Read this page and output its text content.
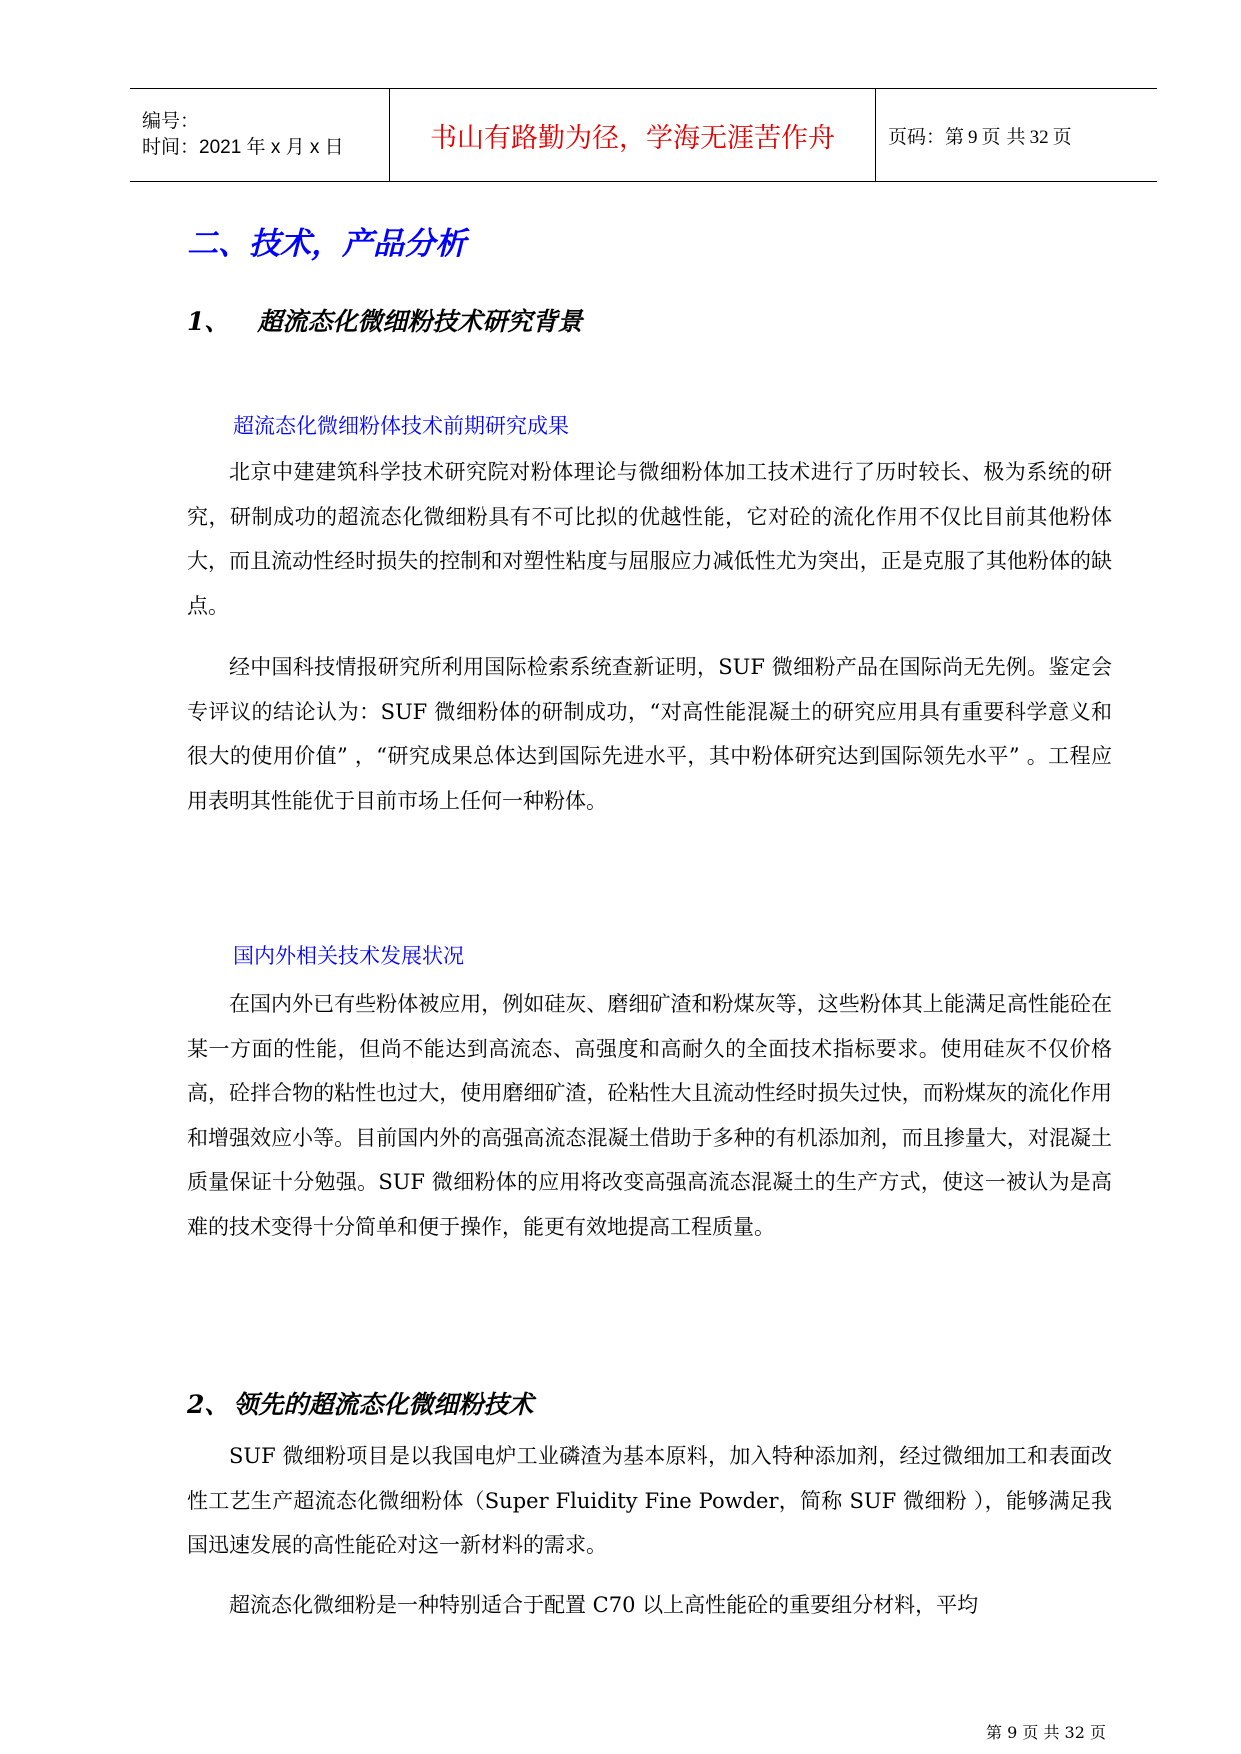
编号：
时间：2021 年 x 月 x 日	书山有路勤为径，学海无涯苦作舟	页码：第 9 页 共 32 页
二、技术，产品分析
1、 超流态化微细粉技术研究背景
超流态化微细粉体技术前期研究成果

北京中建建筑科学技术研究院对粉体理论与微细粉体加工技术进行了历时较长、极为系统的研究，研制成功的超流态化微细粉具有不可比拟的优越性能，它对砼的流化作用不仅比目前其他粉体大，而且流动性经时损失的控制和对塑性粘度与屈服应力减低性尤为突出，正是克服了其他粉体的缺点。

经中国科技情报研究所利用国际检索系统查新证明，SUF 微细粉产品在国际尚无先例。鉴定会专评议的结论认为：SUF 微细粉体的研制成功，“对高性能混凝土的研究应用具有重要科学意义和很大的使用价值” ，“研究成果总体达到国际先进水平，其中粉体研究达到国际领先水平” 。工程应用表明其性能优于目前市场上任何一种粉体。

国内外相关技术发展状况

在国内外已有些粉体被应用，例如硅灰、磨细矿渣和粉煤灰等，这些粉体其上能满足高性能砼在某一方面的性能，但尚不能达到高流态、高强度和高耐久的全面技术指标要求。使用硅灰不仅价格高，砼拌合物的粘性也过大，使用磨细矿渣，砼粘性大且流动性经时损失过快，而粉煤灰的流化作用和增强效应小等。目前国内外的高强高流态混凝土借助于多种的有机添加剂，而且掺量大，对混凝土质量保证十分勉强。SUF 微细粉体的应用将改变高强高流态混凝土的生产方式，使这一被认为是高难的技术变得十分简单和便于操作，能更有效地提高工程质量。

2、 领先的超流态化微细粉技术

SUF 微细粉项目是以我国电炉工业磷渣为基本原料，加入特种添加剂，经过微细加工和表面改性工艺生产超流态化微细粉体（Super Fluidity Fine Powder，简称 SUF 微细粉 ），能够满足我国迅速发展的高性能砼对这一新材料的需求。

超流态化微细粉是一种特别适合于配置 C70 以上高性能砼的重要组分材料，平均

第 9 页 共 32 页
